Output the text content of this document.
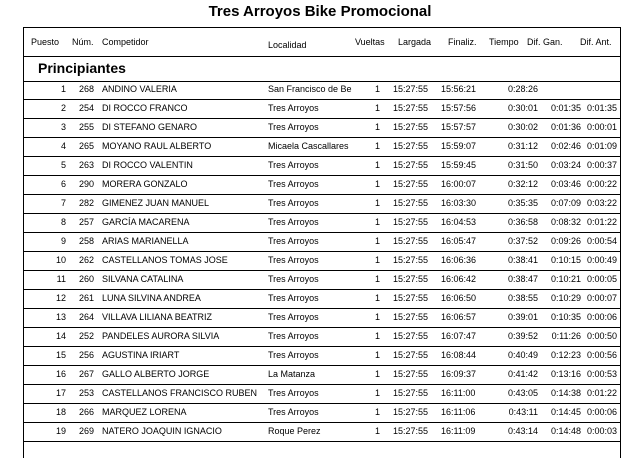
Tres Arroyos Bike Promocional
Puesto Núm. Competidor	Localidad	Vueltas Largada Finaliz. Tiempo Dif. Gan. Dif. Ant.
Principiantes
1	268 ANDINO VALERIA	San Francisco de Be	1 15:27:55	15:56:21	0:28:26
2	254 DI ROCCO FRANCO	Tres Arroyos	1 15:27:55	15:57:56	0:30:01	0:01:35 0:01:35
3	255 DI STEFANO GENARO	Tres Arroyos	1 15:27:55	15:57:57	0:30:02	0:01:36 0:00:01
4	265 MOYANO RAUL ALBERTO	Micaela Cascallares	1 15:27:55	15:59:07	0:31:12	0:02:46 0:01:09
5	263 DI ROCCO VALENTIN	Tres Arroyos	1 15:27:55	15:59:45	0:31:50	0:03:24 0:00:37
6	290 MORERA GONZALO	Tres Arroyos	1 15:27:55	16:00:07	0:32:12	0:03:46 0:00:22
7	282 GIMENEZ JUAN MANUEL	Tres Arroyos	1 15:27:55	16:03:30	0:35:35	0:07:09 0:03:22
8	257 GARCÍA MACARENA	Tres Arroyos	1 15:27:55	16:04:53	0:36:58	0:08:32 0:01:22
9	258 ARIAS MARIANELLA	Tres Arroyos	1 15:27:55	16:05:47	0:37:52	0:09:26 0:00:54
10	262 CASTELLANOS TOMAS JOSE	Tres Arroyos	1 15:27:55	16:06:36	0:38:41	0:10:15 0:00:49
11	260 SILVANA CATALINA	Tres Arroyos	1 15:27:55	16:06:42	0:38:47	0:10:21 0:00:05
12	261 LUNA SILVINA ANDREA	Tres Arroyos	1 15:27:55	16:06:50	0:38:55	0:10:29 0:00:07
13	264 VILLAVA LILIANA BEATRIZ	Tres Arroyos	1 15:27:55	16:06:57	0:39:01	0:10:35 0:00:06
14	252 PANDELES AURORA SILVIA	Tres Arroyos	1 15:27:55	16:07:47	0:39:52	0:11:26 0:00:50
15	256 AGUSTINA IRIART	Tres Arroyos	1 15:27:55	16:08:44	0:40:49	0:12:23 0:00:56
16	267 GALLO ALBERTO JORGE	La Matanza	1 15:27:55	16:09:37	0:41:42	0:13:16 0:00:53
17	253 CASTELLANOS FRANCISCO RUBEN	Tres Arroyos	1 15:27:55	16:11:00	0:43:05	0:14:38 0:01:22
18	266 MARQUEZ LORENA	Tres Arroyos	1 15:27:55	16:11:06	0:43:11	0:14:45 0:00:06
19	269 NATERO JOAQUIN IGNACIO	Roque Perez	1 15:27:55	16:11:09	0:43:14	0:14:48 0:00:03
